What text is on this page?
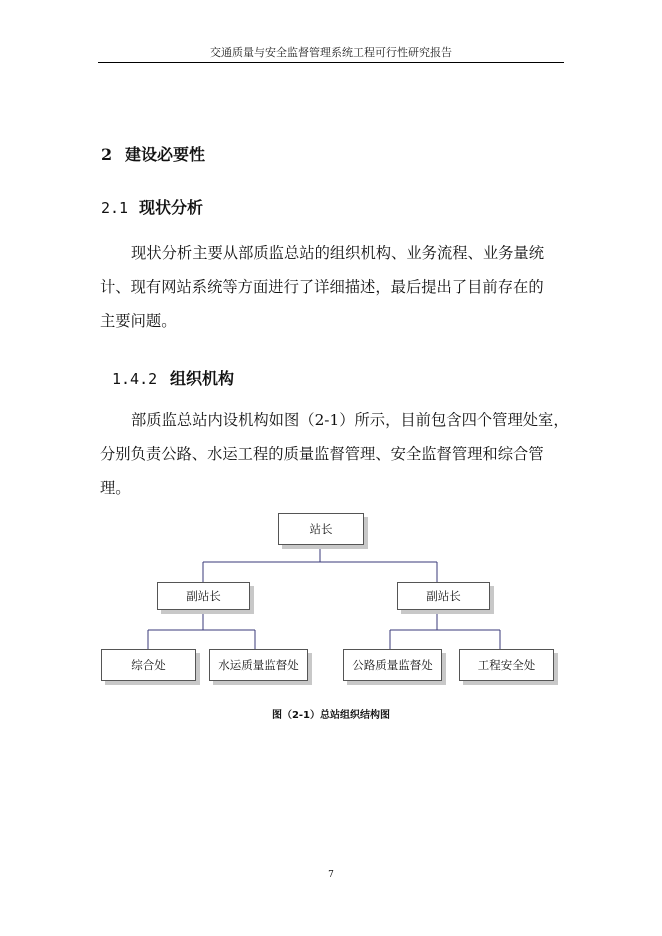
交通质量与安全监督管理系统工程可行性研究报告
2 建设必要性
2.1 现状分析

现状分析主要从部质监总站的组织机构、业务流程、业务量统
计、现有网站系统等方面进行了详细描述，最后提出了目前存在的
主要问题。

1.4.2 组织机构

部质监总站内设机构如图（2-1）所示，目前包含四个管理处室，
分别负责公路、水运工程的质量监督管理、安全监督管理和综合管
理。

站长
副站长	副站长
综合处	水运质量监督处	公路质量监督处	工程安全处
图（2-1）总站组织结构图
7
